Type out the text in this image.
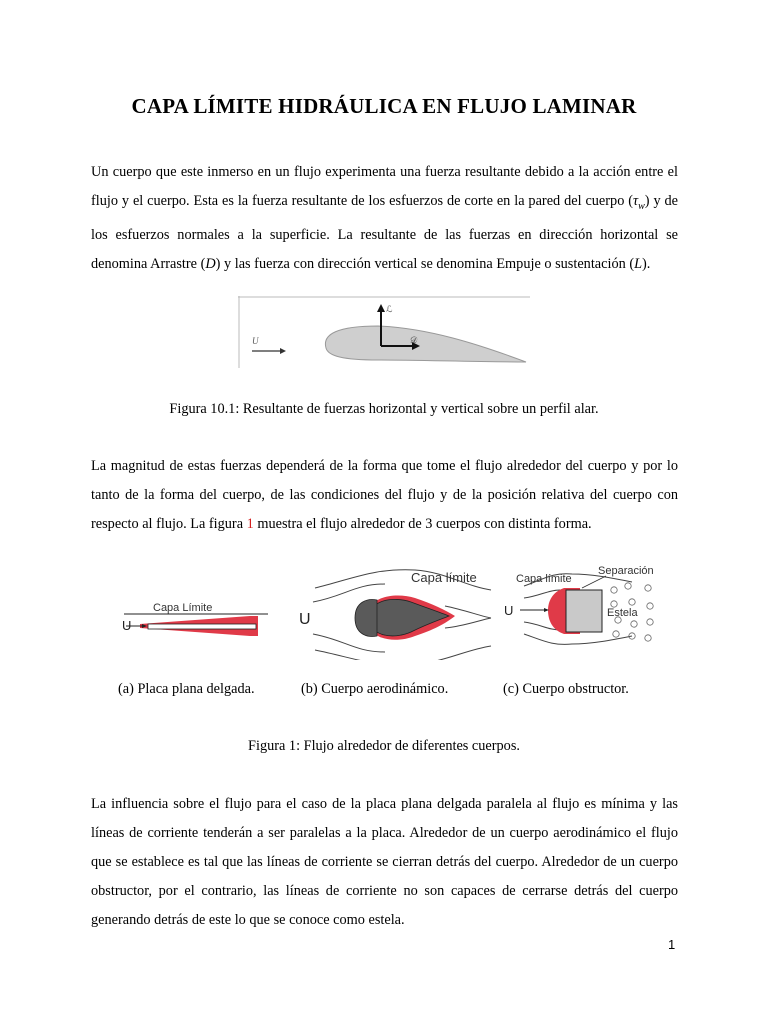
CAPA LÍMITE HIDRÁULICA EN FLUJO LAMINAR
Un cuerpo que este inmerso en un flujo experimenta una fuerza resultante debido a la acción entre el flujo y el cuerpo. Esta es la fuerza resultante de los esfuerzos de corte en la pared del cuerpo $(\tau_w)$ y de los esfuerzos normales a la superficie. La resultante de las fuerzas en dirección horizontal se denomina Arrastre (D) y las fuerza con dirección vertical se denomina Empuje o sustentación (L).
U
ℒ
𝒟
Figura 10.1: Resultante de fuerzas horizontal y vertical sobre un perfil alar.
La magnitud de estas fuerzas dependerá de la forma que tome el flujo alrededor del cuerpo y por lo tanto de la forma del cuerpo, de las condiciones del flujo y de la posición relativa del cuerpo con respecto al flujo. La figura 1 muestra el flujo alrededor de 3 cuerpos con distinta forma.
Capa Límite
U
Capa límite
U
Capa límite
Separación
Estela
U
(a) Placa plana delgada.	(b) Cuerpo aerodinámico.	(c) Cuerpo obstructor.
Figura 1: Flujo alrededor de diferentes cuerpos.
La influencia sobre el flujo para el caso de la placa plana delgada paralela al flujo es mínima y las líneas de corriente tenderán a ser paralelas a la placa. Alrededor de un cuerpo aerodinámico el flujo que se establece es tal que las líneas de corriente se cierran detrás del cuerpo. Alrededor de un cuerpo obstructor, por el contrario, las líneas de corriente no son capaces de cerrarse detrás del cuerpo generando detrás de este lo que se conoce como estela.
1
